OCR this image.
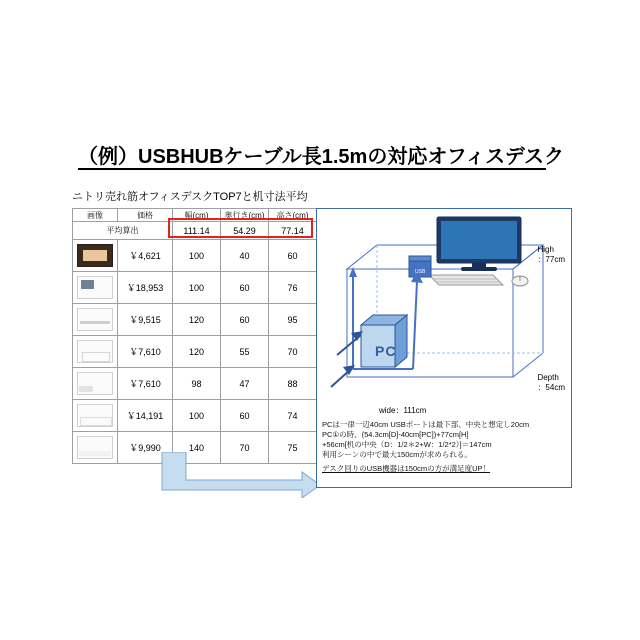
（例）USBHUBケーブル長1.5mの対応オフィスデスク
ニトリ売れ筋オフィスデスクTOP7と机寸法平均
画像	価格	幅(cm)	奥行き(cm)	高さ(cm)
平均算出		111.14	54.29	77.14

	￥4,621	100	40	60

	￥18,953	100	60	76

	￥9,515	120	60	95

	￥7,610	120	55	70

	￥7,610	98	47	88

	￥14,191	100	60	74

	￥9,990	140	70	75
USB
PC
High
：77cm
Depth
：54cm
wide：111cm
PCは一律一辺40cm USBポートは最下部、中央と想定し20cm
PC①の時、(54.3cm[D]-40cm[PC])+77cm[H]
+56cm[机の中央（D：1/2＊2+W：1/2*2）]＝147cm
利用シーンの中で最大150cmが求められる。
デスク回りのUSB機器は150cmの方が満足度UP！
